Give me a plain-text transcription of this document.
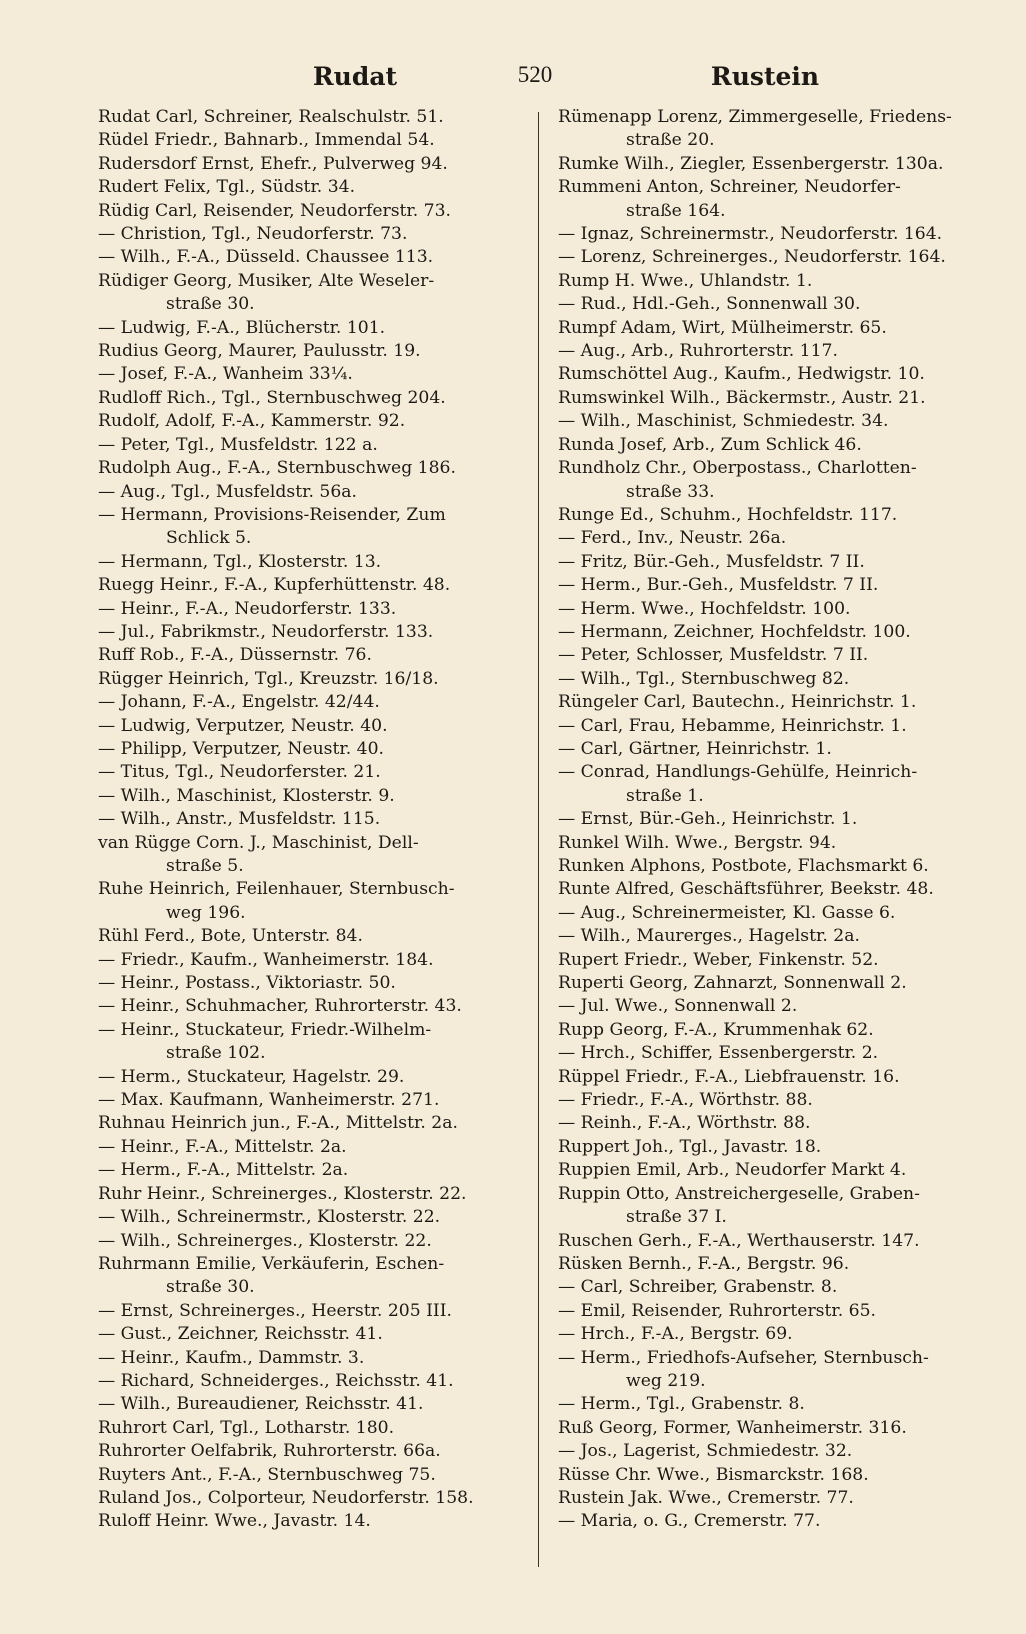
Rudat	520	Rustein
Rudat Carl, Schreiner, Realschulstr. 51.
Rüdel Friedr., Bahnarb., Immendal 54.
Rudersdorf Ernst, Ehefr., Pulverweg 94.
Rudert Felix, Tgl., Südstr. 34.
Rüdig Carl, Reisender, Neudorferstr. 73.
— Christion, Tgl., Neudorferstr. 73.
— Wilh., F.-A., Düsseld. Chaussee 113.
Rüdiger Georg, Musiker, Alte Weseler-
straße 30.
— Ludwig, F.-A., Blücherstr. 101.
Rudius Georg, Maurer, Paulusstr. 19.
— Josef, F.-A., Wanheim 33¼.
Rudloff Rich., Tgl., Sternbuschweg 204.
Rudolf, Adolf, F.-A., Kammerstr. 92.
— Peter, Tgl., Musfeldstr. 122 a.
Rudolph Aug., F.-A., Sternbuschweg 186.
— Aug., Tgl., Musfeldstr. 56a.
— Hermann, Provisions-Reisender, Zum
Schlick 5.
— Hermann, Tgl., Klosterstr. 13.
Ruegg Heinr., F.-A., Kupferhüttenstr. 48.
— Heinr., F.-A., Neudorferstr. 133.
— Jul., Fabrikmstr., Neudorferstr. 133.
Ruff Rob., F.-A., Düssernstr. 76.
Rügger Heinrich, Tgl., Kreuzstr. 16/18.
— Johann, F.-A., Engelstr. 42/44.
— Ludwig, Verputzer, Neustr. 40.
— Philipp, Verputzer, Neustr. 40.
— Titus, Tgl., Neudorferster. 21.
— Wilh., Maschinist, Klosterstr. 9.
— Wilh., Anstr., Musfeldstr. 115.
van Rügge Corn. J., Maschinist, Dell-
straße 5.
Ruhe Heinrich, Feilenhauer, Sternbusch-
weg 196.
Rühl Ferd., Bote, Unterstr. 84.
— Friedr., Kaufm., Wanheimerstr. 184.
— Heinr., Postass., Viktoriastr. 50.
— Heinr., Schuhmacher, Ruhrorterstr. 43.
— Heinr., Stuckateur, Friedr.-Wilhelm-
straße 102.
— Herm., Stuckateur, Hagelstr. 29.
— Max. Kaufmann, Wanheimerstr. 271.
Ruhnau Heinrich jun., F.-A., Mittelstr. 2a.
— Heinr., F.-A., Mittelstr. 2a.
— Herm., F.-A., Mittelstr. 2a.
Ruhr Heinr., Schreinerges., Klosterstr. 22.
— Wilh., Schreinermstr., Klosterstr. 22.
— Wilh., Schreinerges., Klosterstr. 22.
Ruhrmann Emilie, Verkäuferin, Eschen-
straße 30.
— Ernst, Schreinerges., Heerstr. 205 III.
— Gust., Zeichner, Reichsstr. 41.
— Heinr., Kaufm., Dammstr. 3.
— Richard, Schneiderges., Reichsstr. 41.
— Wilh., Bureaudiener, Reichsstr. 41.
Ruhrort Carl, Tgl., Lotharstr. 180.
Ruhrorter Oelfabrik, Ruhrorterstr. 66a.
Ruyters Ant., F.-A., Sternbuschweg 75.
Ruland Jos., Colporteur, Neudorferstr. 158.
Ruloff Heinr. Wwe., Javastr. 14.
Rümenapp Lorenz, Zimmergeselle, Friedens-
straße 20.
Rumke Wilh., Ziegler, Essenbergerstr. 130a.
Rummeni Anton, Schreiner, Neudorfer-
straße 164.
— Ignaz, Schreinermstr., Neudorferstr. 164.
— Lorenz, Schreinerges., Neudorferstr. 164.
Rump H. Wwe., Uhlandstr. 1.
— Rud., Hdl.-Geh., Sonnenwall 30.
Rumpf Adam, Wirt, Mülheimerstr. 65.
— Aug., Arb., Ruhrorterstr. 117.
Rumschöttel Aug., Kaufm., Hedwigstr. 10.
Rumswinkel Wilh., Bäckermstr., Austr. 21.
— Wilh., Maschinist, Schmiedestr. 34.
Runda Josef, Arb., Zum Schlick 46.
Rundholz Chr., Oberpostass., Charlotten-
straße 33.
Runge Ed., Schuhm., Hochfeldstr. 117.
— Ferd., Inv., Neustr. 26a.
— Fritz, Bür.-Geh., Musfeldstr. 7 II.
— Herm., Bur.-Geh., Musfeldstr. 7 II.
— Herm. Wwe., Hochfeldstr. 100.
— Hermann, Zeichner, Hochfeldstr. 100.
— Peter, Schlosser, Musfeldstr. 7 II.
— Wilh., Tgl., Sternbuschweg 82.
Rüngeler Carl, Bautechn., Heinrichstr. 1.
— Carl, Frau, Hebamme, Heinrichstr. 1.
— Carl, Gärtner, Heinrichstr. 1.
— Conrad, Handlungs-Gehülfe, Heinrich-
straße 1.
— Ernst, Bür.-Geh., Heinrichstr. 1.
Runkel Wilh. Wwe., Bergstr. 94.
Runken Alphons, Postbote, Flachsmarkt 6.
Runte Alfred, Geschäftsführer, Beekstr. 48.
— Aug., Schreinermeister, Kl. Gasse 6.
— Wilh., Maurerges., Hagelstr. 2a.
Rupert Friedr., Weber, Finkenstr. 52.
Ruperti Georg, Zahnarzt, Sonnenwall 2.
— Jul. Wwe., Sonnenwall 2.
Rupp Georg, F.-A., Krummenhak 62.
— Hrch., Schiffer, Essenbergerstr. 2.
Rüppel Friedr., F.-A., Liebfrauenstr. 16.
— Friedr., F.-A., Wörthstr. 88.
— Reinh., F.-A., Wörthstr. 88.
Ruppert Joh., Tgl., Javastr. 18.
Ruppien Emil, Arb., Neudorfer Markt 4.
Ruppin Otto, Anstreichergeselle, Graben-
straße 37 I.
Ruschen Gerh., F.-A., Werthauserstr. 147.
Rüsken Bernh., F.-A., Bergstr. 96.
— Carl, Schreiber, Grabenstr. 8.
— Emil, Reisender, Ruhrorterstr. 65.
— Hrch., F.-A., Bergstr. 69.
— Herm., Friedhofs-Aufseher, Sternbusch-
weg 219.
— Herm., Tgl., Grabenstr. 8.
Ruß Georg, Former, Wanheimerstr. 316.
— Jos., Lagerist, Schmiedestr. 32.
Rüsse Chr. Wwe., Bismarckstr. 168.
Rustein Jak. Wwe., Cremerstr. 77.
— Maria, o. G., Cremerstr. 77.
